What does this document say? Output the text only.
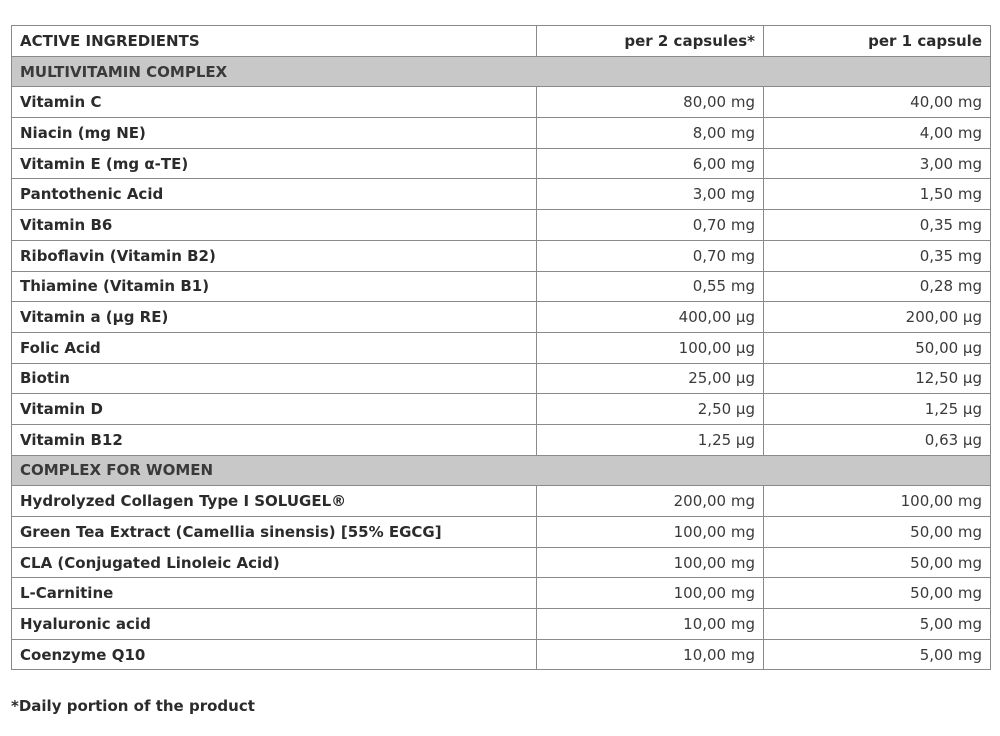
ACTIVE INGREDIENTS	per 2 capsules*	per 1 capsule
MULTIVITAMIN COMPLEX		
Vitamin C	80,00 mg	40,00 mg
Niacin (mg NE)	8,00 mg	4,00 mg
Vitamin E (mg α-TE)	6,00 mg	3,00 mg
Pantothenic Acid	3,00 mg	1,50 mg
Vitamin B6	0,70 mg	0,35 mg
Riboflavin (Vitamin B2)	0,70 mg	0,35 mg
Thiamine (Vitamin B1)	0,55 mg	0,28 mg
Vitamin a (µg RE)	400,00 µg	200,00 µg
Folic Acid	100,00 µg	50,00 µg
Biotin	25,00 µg	12,50 µg
Vitamin D	2,50 µg	1,25 µg
Vitamin B12	1,25 µg	0,63 µg
COMPLEX FOR WOMEN		
Hydrolyzed Collagen Type I SOLUGEL®	200,00 mg	100,00 mg
Green Tea Extract (Camellia sinensis) [55% EGCG]	100,00 mg	50,00 mg
CLA (Conjugated Linoleic Acid)	100,00 mg	50,00 mg
L-Carnitine	100,00 mg	50,00 mg
Hyaluronic acid	10,00 mg	5,00 mg
Coenzyme Q10	10,00 mg	5,00 mg
*Daily portion of the product
